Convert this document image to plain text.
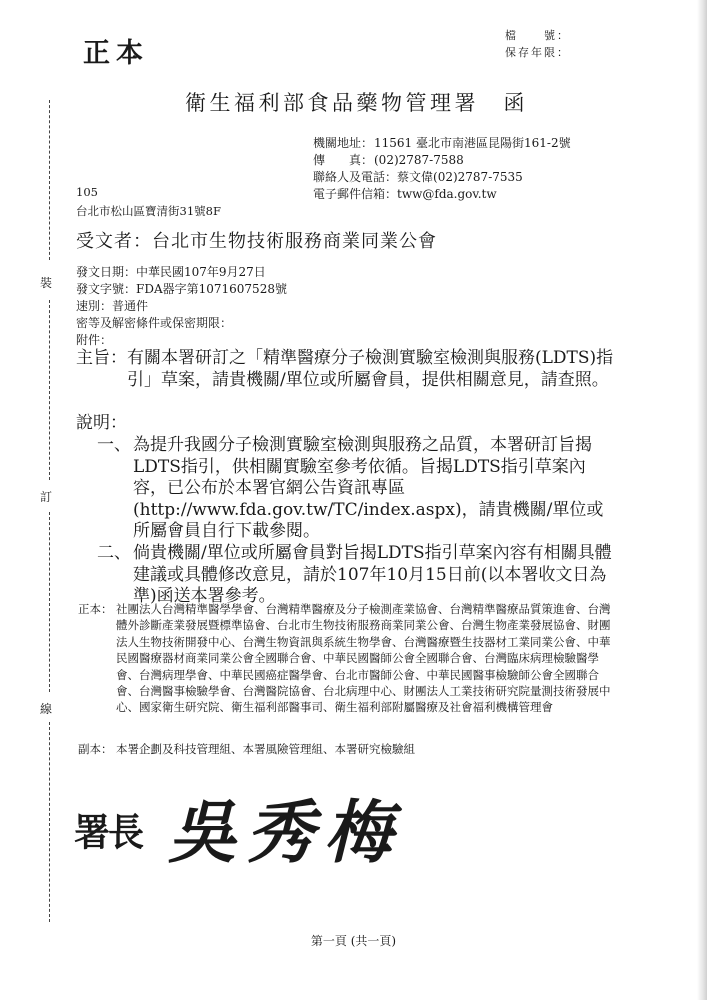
裝
訂
線
正本
檔　　號：
保存年限：
衛生福利部食品藥物管理署　函
機關地址：11561 臺北市南港區昆陽街161-2號
傳　　真：(02)2787-7588
聯絡人及電話：蔡文偉(02)2787-7535
電子郵件信箱：tww@fda.gov.tw
105
台北市松山區寶清街31號8F
受文者：台北市生物技術服務商業同業公會
發文日期：中華民國107年9月27日
發文字號：FDA器字第1071607528號
速別：普通件
密等及解密條件或保密期限：
附件：
主旨： 有關本署研訂之「精準醫療分子檢測實驗室檢測與服務(LDTS)指引」草案，請貴機關/單位或所屬會員，提供相關意見，請查照。
說明：
一、 為提升我國分子檢測實驗室檢測與服務之品質，本署研訂旨揭LDTS指引，供相關實驗室參考依循。旨揭LDTS指引草案內容，已公布於本署官網公告資訊專區(http://www.fda.gov.tw/TC/index.aspx)，請貴機關/單位或所屬會員自行下載參閱。
二、 倘貴機關/單位或所屬會員對旨揭LDTS指引草案內容有相關具體建議或具體修改意見，請於107年10月15日前(以本署收文日為準)函送本署參考。
正本： 社團法人台灣精準醫學學會、台灣精準醫療及分子檢測產業協會、台灣精準醫療品質策進會、台灣體外診斷產業發展暨標準協會、台北市生物技術服務商業同業公會、台灣生物產業發展協會、財團法人生物技術開發中心、台灣生物資訊與系統生物學會、台灣醫療暨生技器材工業同業公會、中華民國醫療器材商業同業公會全國聯合會、中華民國醫師公會全國聯合會、台灣臨床病理檢驗醫學會、台灣病理學會、中華民國癌症醫學會、台北市醫師公會、中華民國醫事檢驗師公會全國聯合會、台灣醫事檢驗學會、台灣醫院協會、台北病理中心、財團法人工業技術研究院量測技術發展中心、國家衛生研究院、衛生福利部醫事司、衛生福利部附屬醫療及社會福利機構管理會
副本： 本署企劃及科技管理組、本署風險管理組、本署研究檢驗組
署長 吳秀梅
第一頁 (共一頁)
